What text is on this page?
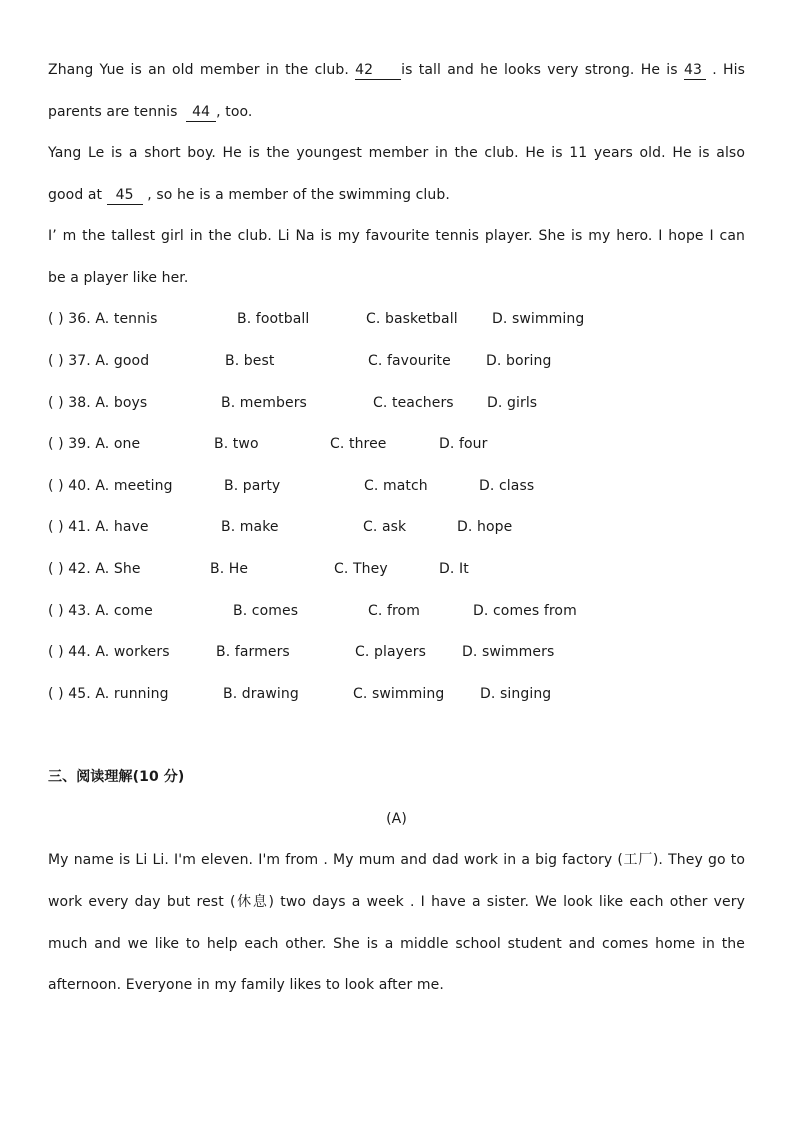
Zhang Yue is an old member in the club. 42 is tall and he looks very strong. He is 43 . His
parents are tennis 44 , too.
Yang Le is a short boy. He is the youngest member in the club. He is 11 years old. He is also
good at 45 , so he is a member of the swimming club.
I’ m the tallest girl in the club. Li Na is my favourite tennis player. She is my hero. I hope I can
be a player like her.
( ) 36. A. tennis	B. football	C. basketball D. swimming
( ) 37. A. good	B. best	C. favourite	D. boring
( ) 38. A. boys	B. members	C. teachers D. girls
( ) 39. A. one	B. two	C. three	D. four
( ) 40. A. meeting	B. party	C. match	D. class
( ) 41. A. have	B. make	C. ask	D. hope
( ) 42. A. She	B. He	C. They	D. It
( ) 43. A. come	B. comes	C. from	D. comes from
( ) 44. A. workers	B. farmers	C. players	D. swimmers
( ) 45. A. running	B. drawing	C. swimming	D. singing
三、阅读理解(10 分)
(A)
My name is Li Li. I'm eleven. I'm from . My mum and dad work in a big factory (工厂). They go to
work every day but rest (休息) two days a week . I have a sister. We look like each other very
much and we like to help each other. She is a middle school student and comes home in the
afternoon. Everyone in my family likes to look after me.
